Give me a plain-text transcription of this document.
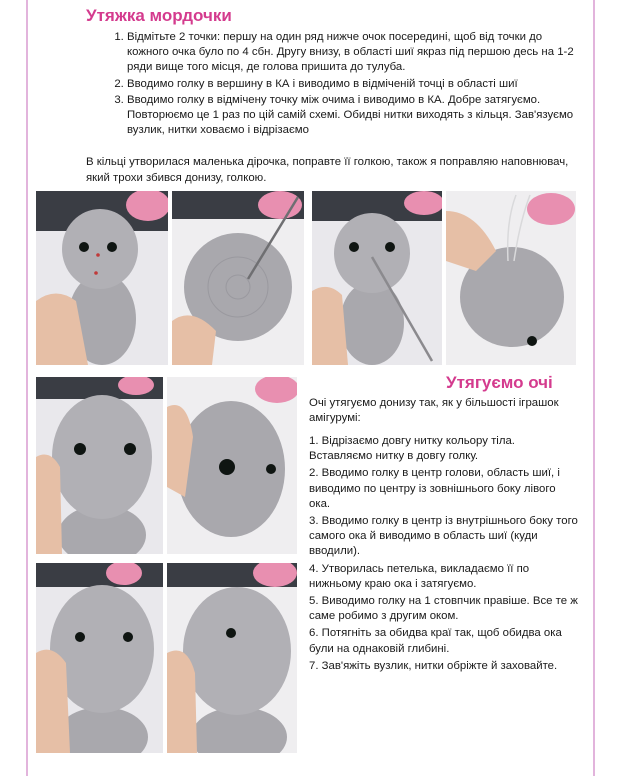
Утяжка мордочки
1. Відмітьте 2 точки: першу на один ряд нижче очок посередині, щоб від точки до кожного очка було по 4 сбн. Другу внизу, в області шиї якраз під першою десь на 1-2 ряди вище того місця, де голова пришита до тулуба.
2. Вводимо голку в вершину в КА і виводимо в відміченій точці в області шиї
3. Вводимо голку в відмічену точку між очима і виводимо в КА. Добре затягуємо. Повторюємо це 1 раз по цій самій схемі. Обидві нитки виходять з кільця. Зав'язуємо вузлик, нитки ховаємо і відрізаємо

В кільці утворилася маленька дірочка, поправте її голкою, також я поправляю наповнювач, який трохи збився донизу, голкою.

Утягуємо очі

Очі утягуємо донизу так, як у більшості іграшок амігурумі:

1. Відрізаємо довгу нитку кольору тіла. Вставляємо нитку в довгу голку.

2. Вводимо голку в центр голови, область шиї, і виводимо по центру із зовнішнього боку лівого ока.

3. Вводимо голку в центр із внутрішнього боку того самого ока й виводимо в область шиї (куди вводили).

4. Утворилась петелька, викладаємо її по нижньому краю ока і затягуємо.

5. Виводимо голку на 1 стовпчик правіше. Все те ж саме робимо з другим оком.

6. Потягніть за обидва краї так, щоб обидва ока були на однаковій глибині.

7. Зав'яжіть вузлик, нитки обріжте й заховайте.
